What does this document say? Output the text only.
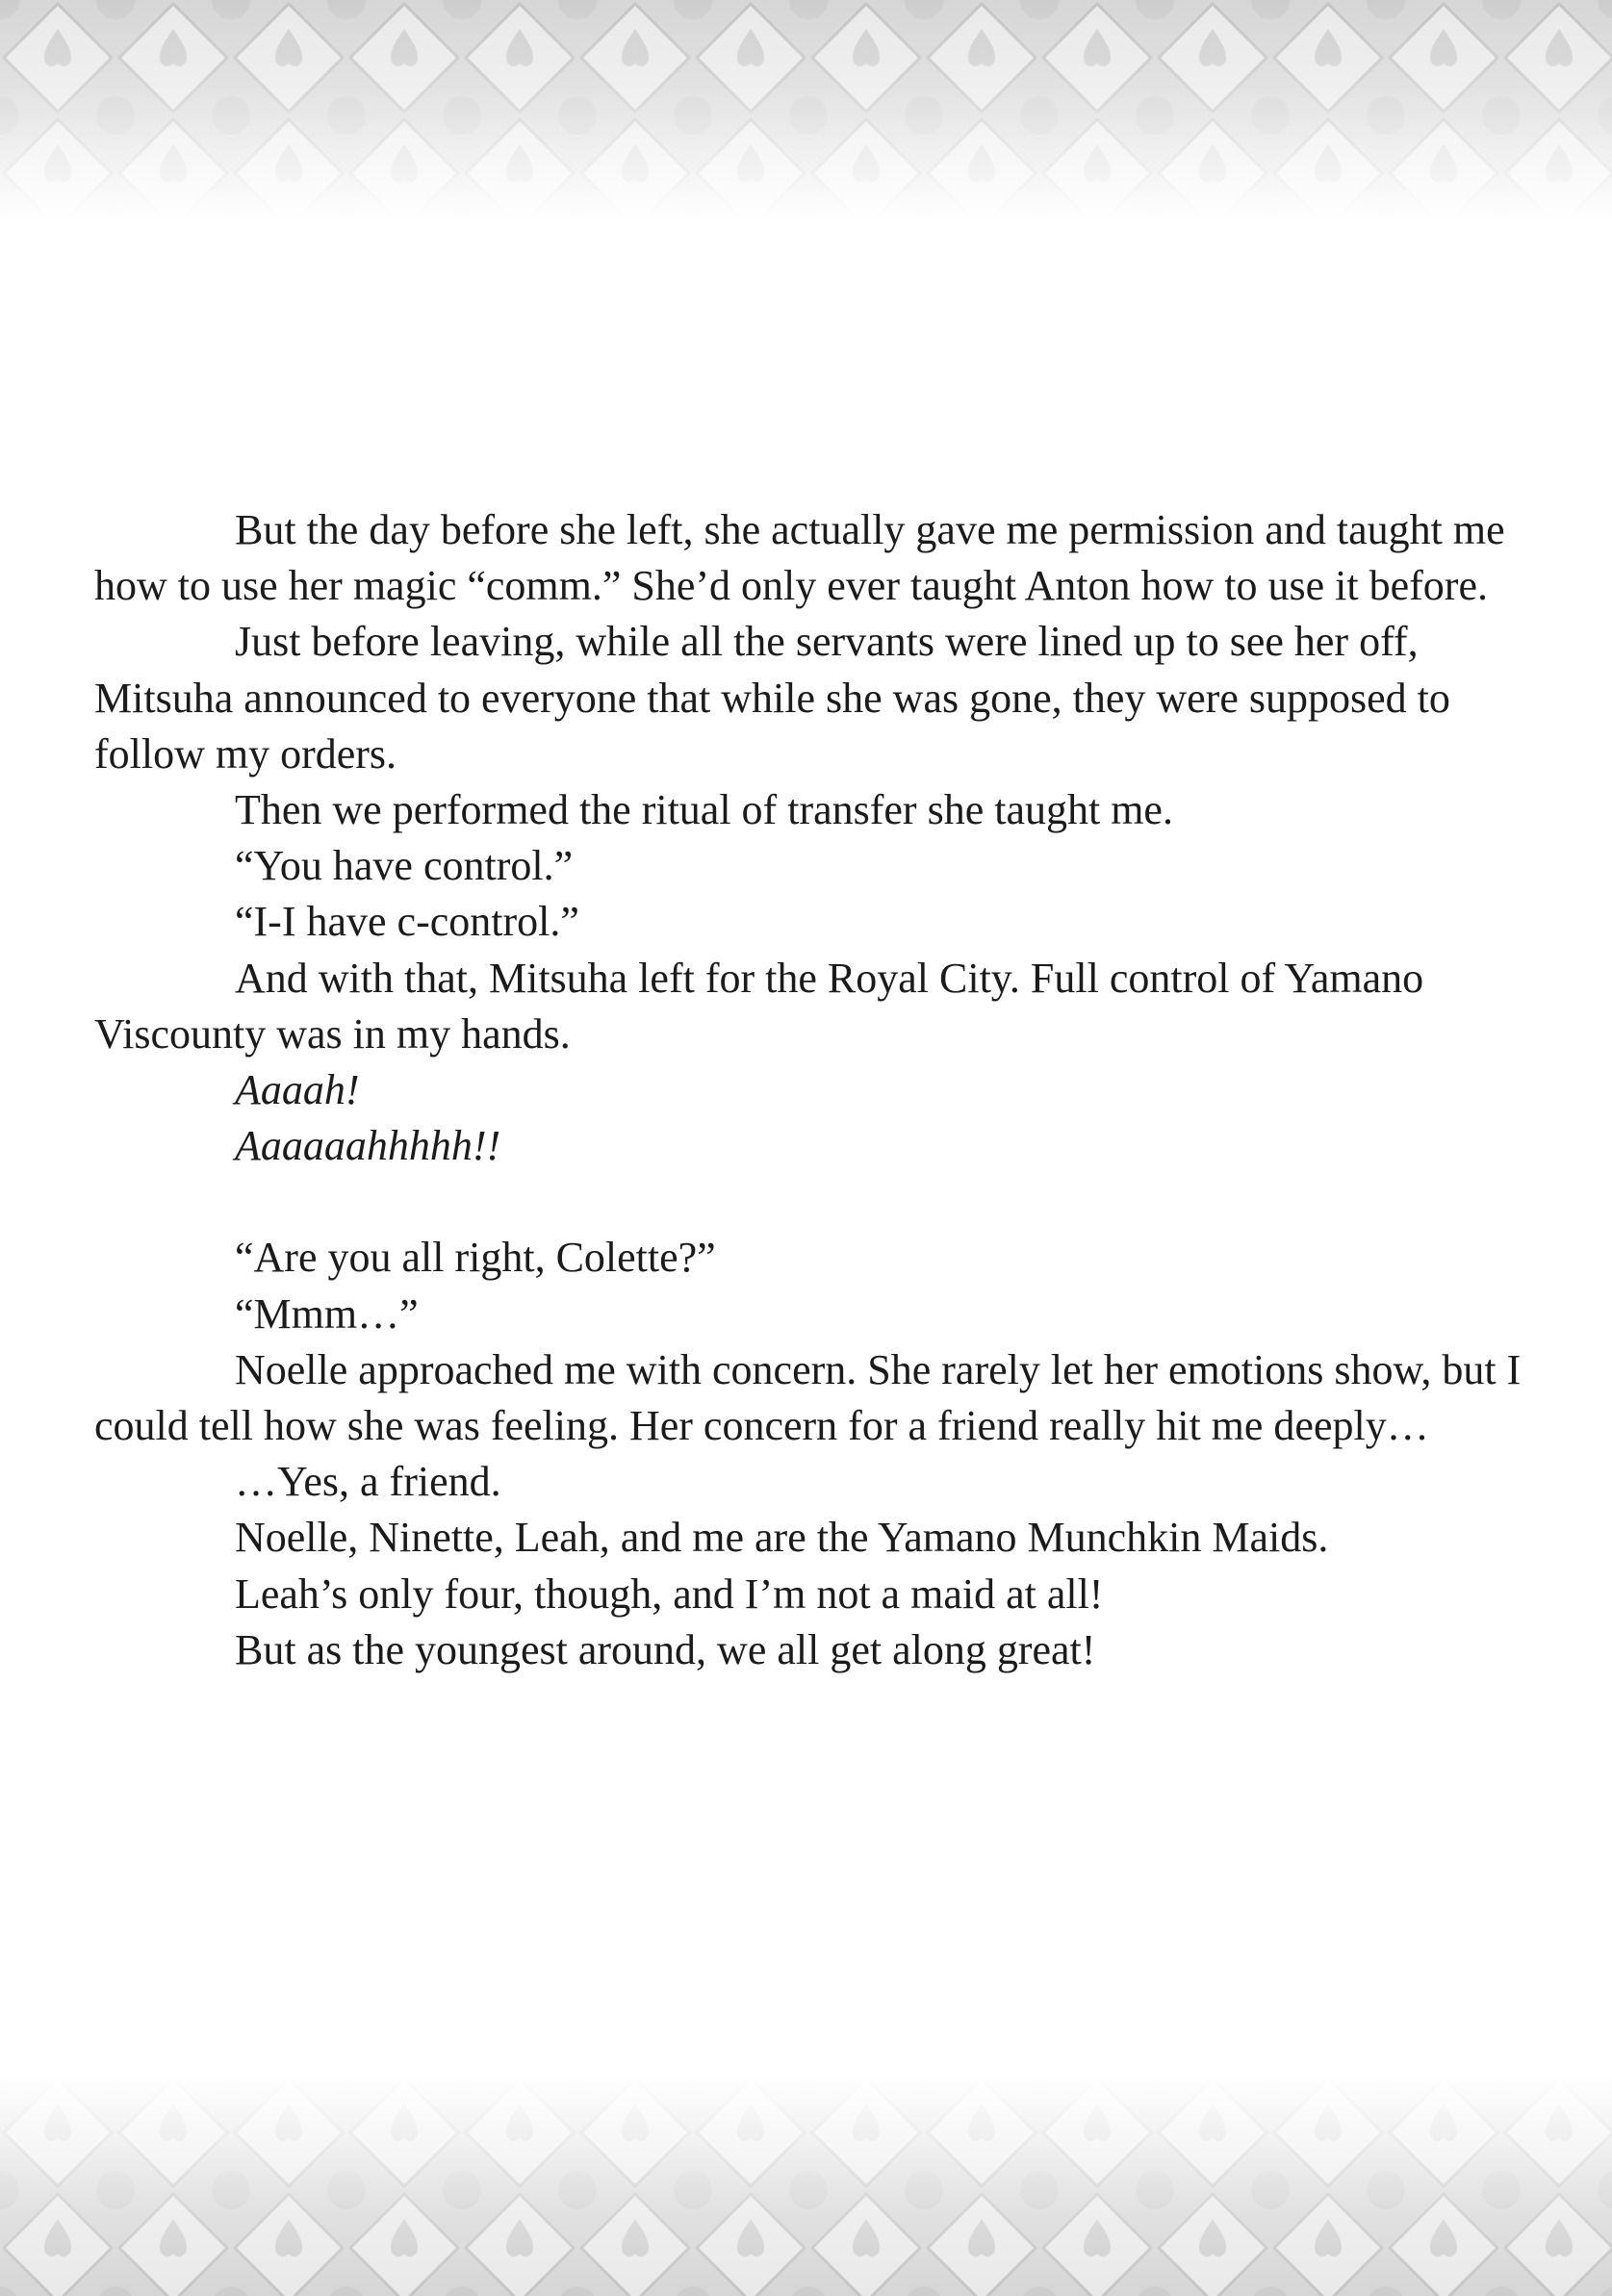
But the day before she left, she actually gave me permission and taught me how to use her magic “comm.” She’d only ever taught Anton how to use it before.

Just before leaving, while all the servants were lined up to see her off, Mitsuha announced to everyone that while she was gone, they were supposed to follow my orders.

Then we performed the ritual of transfer she taught me.

“You have control.”

“I-I have c-control.”

And with that, Mitsuha left for the Royal City. Full control of Yamano Viscounty was in my hands.

Aaaah!

Aaaaaahhhhh!!

“Are you all right, Colette?”

“Mmm…”

Noelle approached me with concern. She rarely let her emotions show, but I could tell how she was feeling. Her concern for a friend really hit me deeply…

…Yes, a friend.

Noelle, Ninette, Leah, and me are the Yamano Munchkin Maids.

Leah’s only four, though, and I’m not a maid at all!

But as the youngest around, we all get along great!
